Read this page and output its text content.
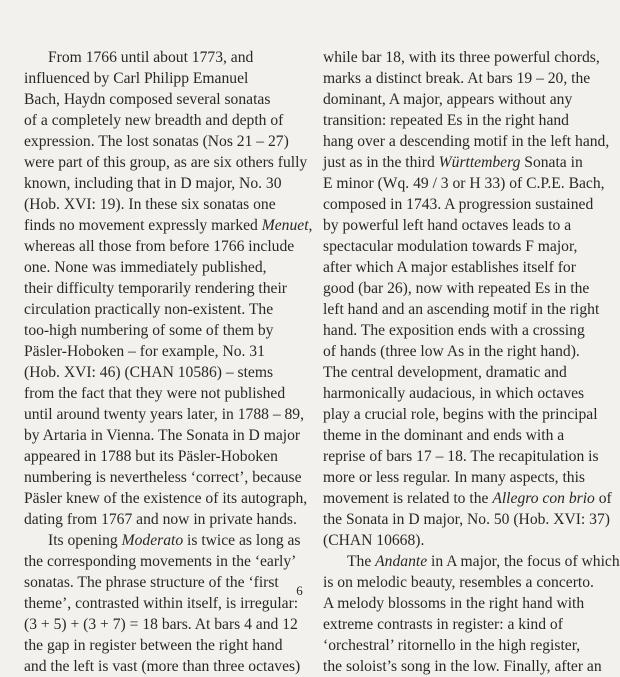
From 1766 until about 1773, and
influenced by Carl Philipp Emanuel
Bach, Haydn composed several sonatas
of a completely new breadth and depth of
expression. The lost sonatas (Nos 21 – 27)
were part of this group, as are six others fully
known, including that in D major, No. 30
(Hob. XVI: 19). In these six sonatas one
finds no movement expressly marked Menuet,
whereas all those from before 1766 include
one. None was immediately published,
their difficulty temporarily rendering their
circulation practically non-existent. The
too-high numbering of some of them by
Päsler-Hoboken – for example, No. 31
(Hob. XVI: 46) (CHAN 10586) – stems
from the fact that they were not published
until around twenty years later, in 1788 – 89,
by Artaria in Vienna. The Sonata in D major
appeared in 1788 but its Päsler-Hoboken
numbering is nevertheless ‘correct’, because
Päsler knew of the existence of its autograph,
dating from 1767 and now in private hands.
Its opening Moderato is twice as long as
the corresponding movements in the ‘early’
sonatas. The phrase structure of the ‘first
theme’, contrasted within itself, is irregular:
(3 + 5) + (3 + 7) = 18 bars. At bars 4 and 12
the gap in register between the right hand
and the left is vast (more than three octaves)
while bar 18, with its three powerful chords,
marks a distinct break. At bars 19 – 20, the
dominant, A major, appears without any
transition: repeated Es in the right hand
hang over a descending motif in the left hand,
just as in the third Württemberg Sonata in
E minor (Wq. 49 / 3 or H 33) of C.P.E. Bach,
composed in 1743. A progression sustained
by powerful left hand octaves leads to a
spectacular modulation towards F major,
after which A major establishes itself for
good (bar 26), now with repeated Es in the
left hand and an ascending motif in the right
hand. The exposition ends with a crossing
of hands (three low As in the right hand).
The central development, dramatic and
harmonically audacious, in which octaves
play a crucial role, begins with the principal
theme in the dominant and ends with a
reprise of bars 17 – 18. The recapitulation is
more or less regular. In many aspects, this
movement is related to the Allegro con brio of
the Sonata in D major, No. 50 (Hob. XVI: 37)
(CHAN 10668).
The Andante in A major, the focus of which
is on melodic beauty, resembles a concerto.
A melody blossoms in the right hand with
extreme contrasts in register: a kind of
‘orchestral’ ritornello in the high register,
the soloist’s song in the low. Finally, after an
6
